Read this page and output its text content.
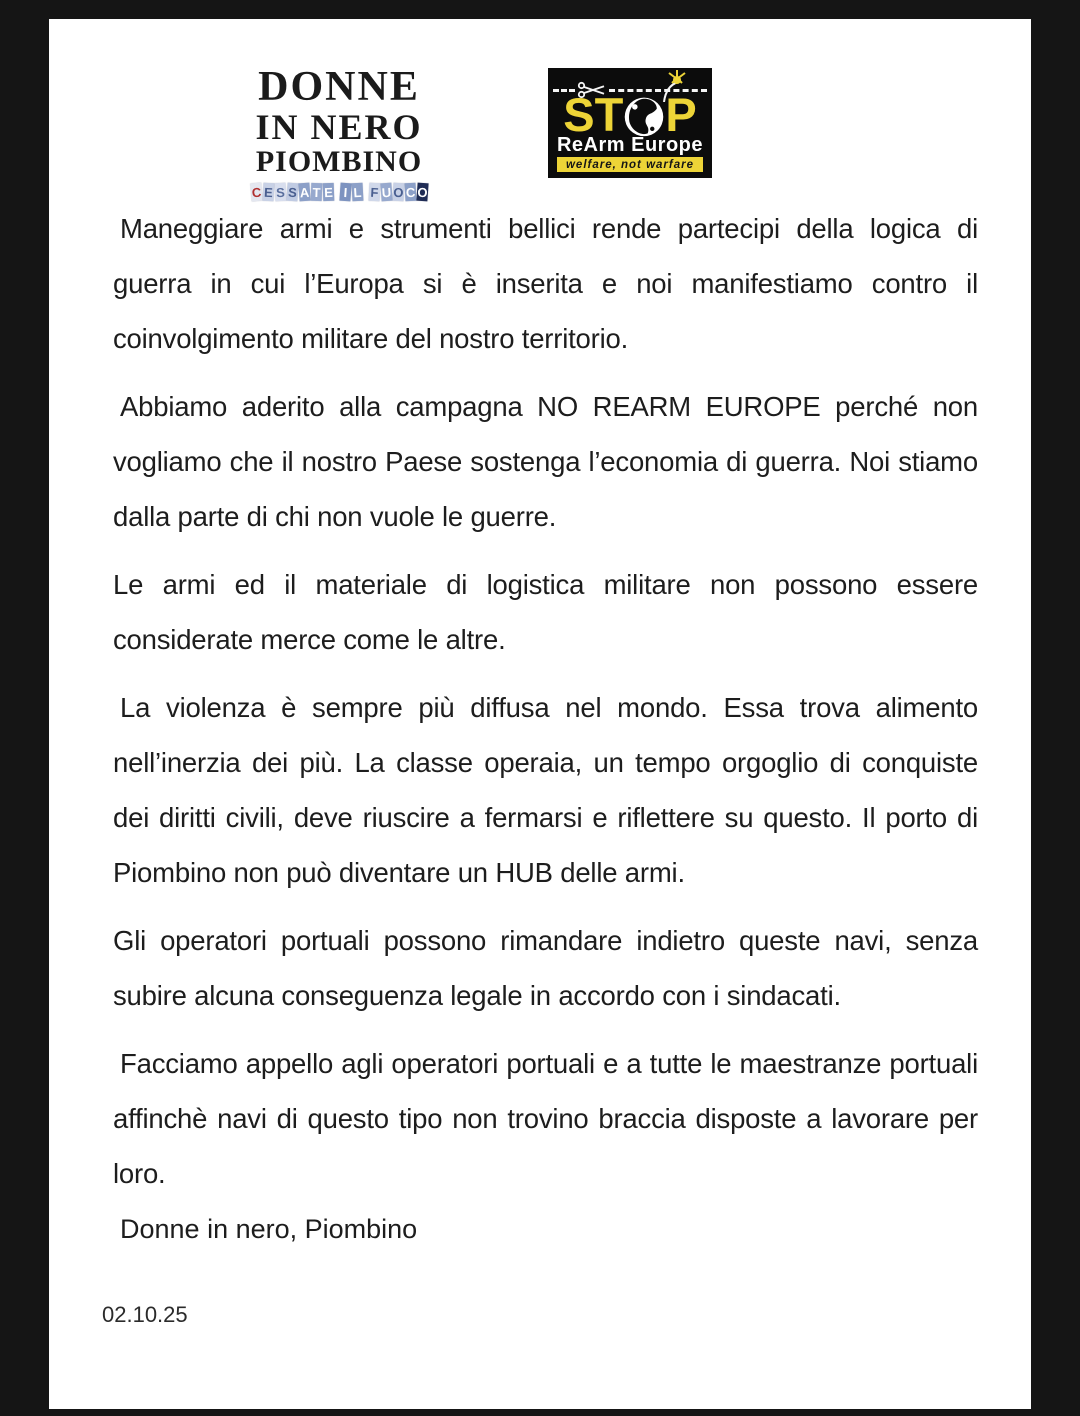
DONNE
IN NERO
PIOMBINO
C E S S A T E I L F U O C O
ST P
ReArm Europe
welfare, not warfare

Maneggiare armi e strumenti bellici rende partecipi della logica di guerra in cui l’Europa si è inserita e noi manifestiamo contro il coinvolgimento militare del nostro territorio.

Abbiamo aderito alla campagna NO REARM EUROPE perché non vogliamo che il nostro Paese sostenga l’economia di guerra. Noi stiamo dalla parte di chi non vuole le guerre.

Le armi ed il materiale di logistica militare non possono essere considerate merce come le altre.

La violenza è sempre più diffusa nel mondo. Essa trova alimento nell’inerzia dei più. La classe operaia, un tempo orgoglio di conquiste dei diritti civili, deve riuscire a fermarsi e riflettere su questo. Il porto di Piombino non può diventare un HUB delle armi.

Gli operatori portuali possono rimandare indietro queste navi, senza subire alcuna conseguenza legale in accordo con i sindacati.

Facciamo appello agli operatori portuali e a tutte le maestranze portuali affinchè navi di questo tipo non trovino braccia disposte a lavorare per loro.

Donne in nero, Piombino
02.10.25
